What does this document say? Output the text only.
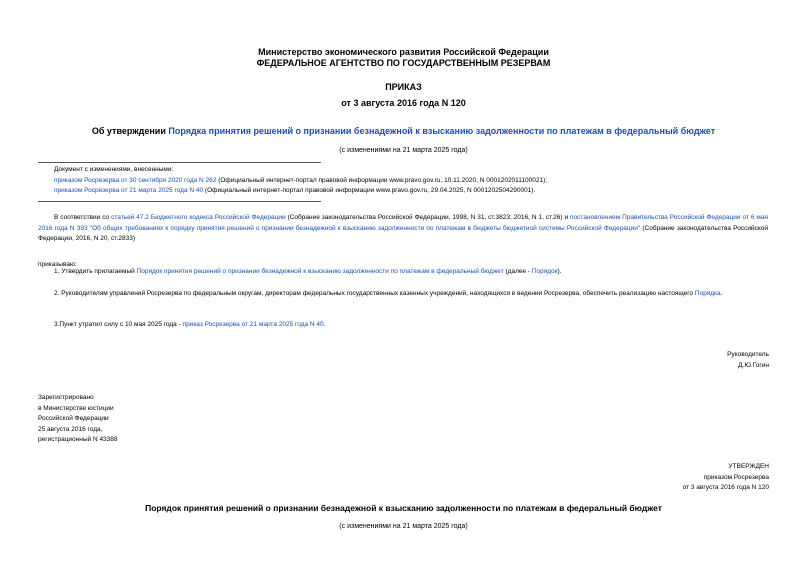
Министерство экономического развития Российской Федерации
ФЕДЕРАЛЬНОЕ АГЕНТСТВО ПО ГОСУДАРСТВЕННЫМ РЕЗЕРВАМ
ПРИКАЗ
от 3 августа 2016 года N 120
Об утверждении Порядка принятия решений о признании безнадежной к взысканию задолженности по платежам в федеральный бюджет
(с изменениями на 21 марта 2025 года)
Документ с изменениями, внесенными:
приказом Росрезерва от 30 сентября 2020 года N 262 (Официальный интернет-портал правовой информации www.pravo.gov.ru, 10.11.2020, N 0001202011100021);
приказом Росрезерва от 21 марта 2025 года N 40 (Официальный интернет-портал правовой информации www.pravo.gov.ru, 29.04.2025, N 0001202504290001).
В соответствии со статьей 47.2 Бюджетного кодекса Российской Федерации (Собрание законодательства Российской Федерации, 1998, N 31, ст.3823; 2016, N 1, ст.26) и постановлением Правительства Российской Федерации от 6 мая 2016 года N 393 "Об общих требованиях к порядку принятия решений о признании безнадежной к взысканию задолженности по платежам в бюджеты бюджетной системы Российской Федерации" (Собрание законодательства Российской Федерации, 2016, N 20, ст.2833)
приказываю:
1. Утвердить прилагаемый Порядок принятия решений о признании безнадежной к взысканию задолженности по платежам в федеральный бюджет (далее - Порядок).
2. Руководителям управлений Росрезерва по федеральным округам, директорам федеральных государственных казенных учреждений, находящихся в ведении Росрезерва, обеспечить реализацию настоящего Порядка.
3.Пункт утратил силу с 10 мая 2025 года - приказ Росрезерва от 21 марта 2025 года N 40.
Руководитель
Д.Ю.Гогин
Зарегистрировано
в Министерстве юстиции
Российской Федерации
25 августа 2016 года,
регистрационный N 43388
УТВЕРЖДЕН
приказом Росрезерва
от 3 августа 2016 года N 120
Порядок принятия решений о признании безнадежной к взысканию задолженности по платежам в федеральный бюджет
(с изменениями на 21 марта 2025 года)
